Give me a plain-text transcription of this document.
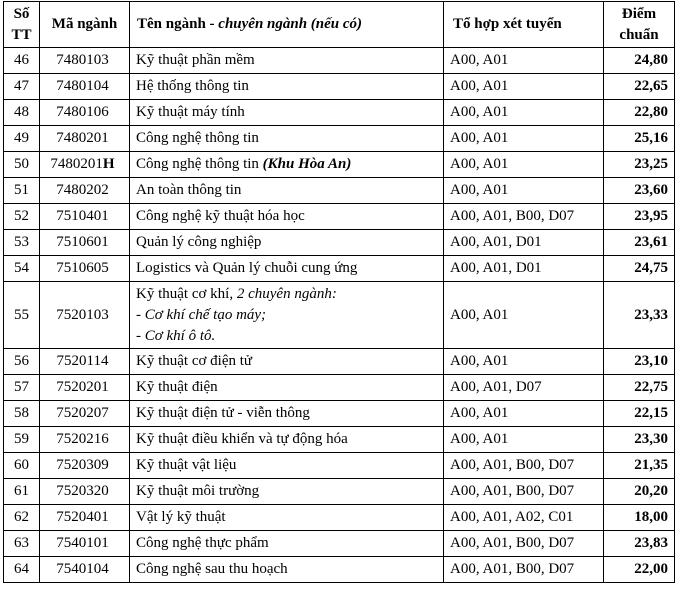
Số
TT	Mã ngành	Tên ngành - chuyên ngành (nếu có)	Tổ hợp xét tuyển	Điểm
chuẩn

46	7480103	Kỹ thuật phần mềm	A00, A01	24,80
47	7480104	Hệ thống thông tin	A00, A01	22,65
48	7480106	Kỹ thuật máy tính	A00, A01	22,80
49	7480201	Công nghệ thông tin	A00, A01	25,16
50	7480201H	Công nghệ thông tin (Khu Hòa An)	A00, A01	23,25
51	7480202	An toàn thông tin	A00, A01	23,60
52	7510401	Công nghệ kỹ thuật hóa học	A00, A01, B00, D07	23,95
53	7510601	Quản lý công nghiệp	A00, A01, D01	23,61
54	7510605	Logistics và Quản lý chuỗi cung ứng	A00, A01, D01	24,75
55	7520103	Kỹ thuật cơ khí, 2 chuyên ngành:
- Cơ khí chế tạo máy;
- Cơ khí ô tô.	A00, A01	23,33
56	7520114	Kỹ thuật cơ điện tử	A00, A01	23,10
57	7520201	Kỹ thuật điện	A00, A01, D07	22,75
58	7520207	Kỹ thuật điện tử - viễn thông	A00, A01	22,15
59	7520216	Kỹ thuật điều khiển và tự động hóa	A00, A01	23,30
60	7520309	Kỹ thuật vật liệu	A00, A01, B00, D07	21,35
61	7520320	Kỹ thuật môi trường	A00, A01, B00, D07	20,20
62	7520401	Vật lý kỹ thuật	A00, A01, A02, C01	18,00
63	7540101	Công nghệ thực phẩm	A00, A01, B00, D07	23,83
64	7540104	Công nghệ sau thu hoạch	A00, A01, B00, D07	22,00
